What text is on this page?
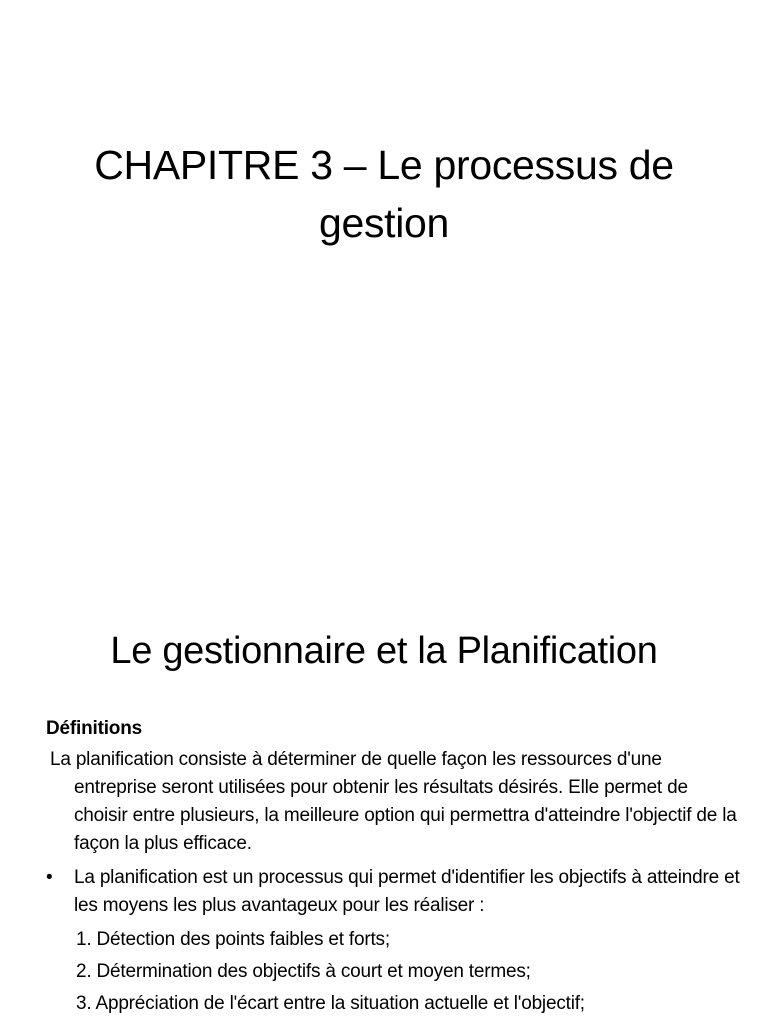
CHAPITRE 3 – Le processus de
gestion
Le gestionnaire et la Planification

Définitions

La planification consiste à déterminer de quelle façon les ressources d'une entreprise seront utilisées pour obtenir les résultats désirés. Elle permet de choisir entre plusieurs, la meilleure option qui permettra d'atteindre l'objectif de la façon la plus efficace.

• La planification est un processus qui permet d'identifier les objectifs à atteindre et les moyens les plus avantageux pour les réaliser :
1. Détection des points faibles et forts;
2. Détermination des objectifs à court et moyen termes;
3. Appréciation de l'écart entre la situation actuelle et l'objectif;
